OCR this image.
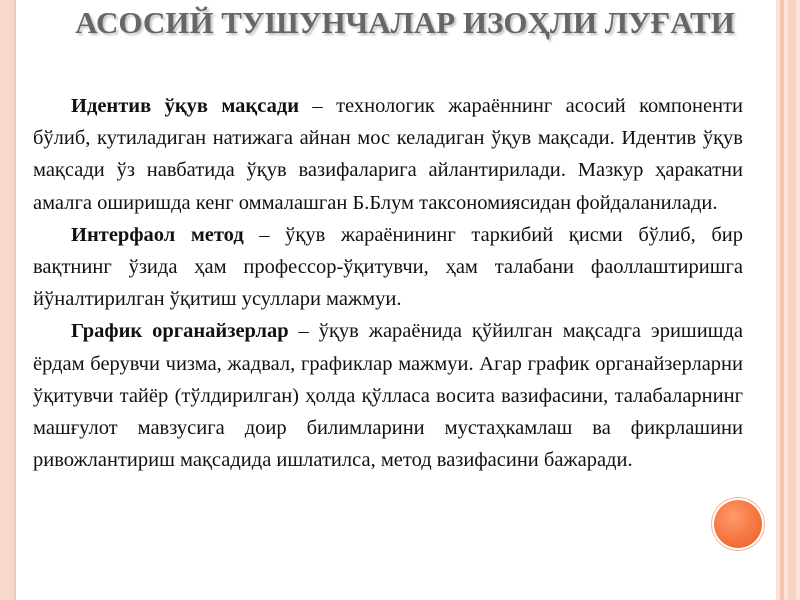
АСОСИЙ ТУШУНЧАЛАР ИЗОҲЛИ ЛУҒАТИ

Идентив ўқув мақсади – технологик жараённинг асосий компоненти бўлиб, кутиладиган натижага айнан мос келадиган ўқув мақсади. Идентив ўқув мақсади ўз навбатида ўқув вазифаларига айлантирилади. Мазкур ҳаракатни амалга оширишда кенг оммалашган Б.Блум таксономиясидан фойдаланилади.

Интерфаол метод – ўқув жараёнининг таркибий қисми бўлиб, бир вақтнинг ўзида ҳам профессор-ўқитувчи, ҳам талабани фаоллаштиришга йўналтирилган ўқитиш усуллари мажмуи.

График органайзерлар – ўқув жараёнида қўйилган мақсадга эришишда ёрдам берувчи чизма, жадвал, графиклар мажмуи. Агар график органайзерларни ўқитувчи тайёр (тўлдирилган) ҳолда қўлласа восита вазифасини, талабаларнинг машғулот мавзусига доир билимларини мустаҳкамлаш ва фикрлашини ривожлантириш мақсадида ишлатилса, метод вазифасини бажаради.
